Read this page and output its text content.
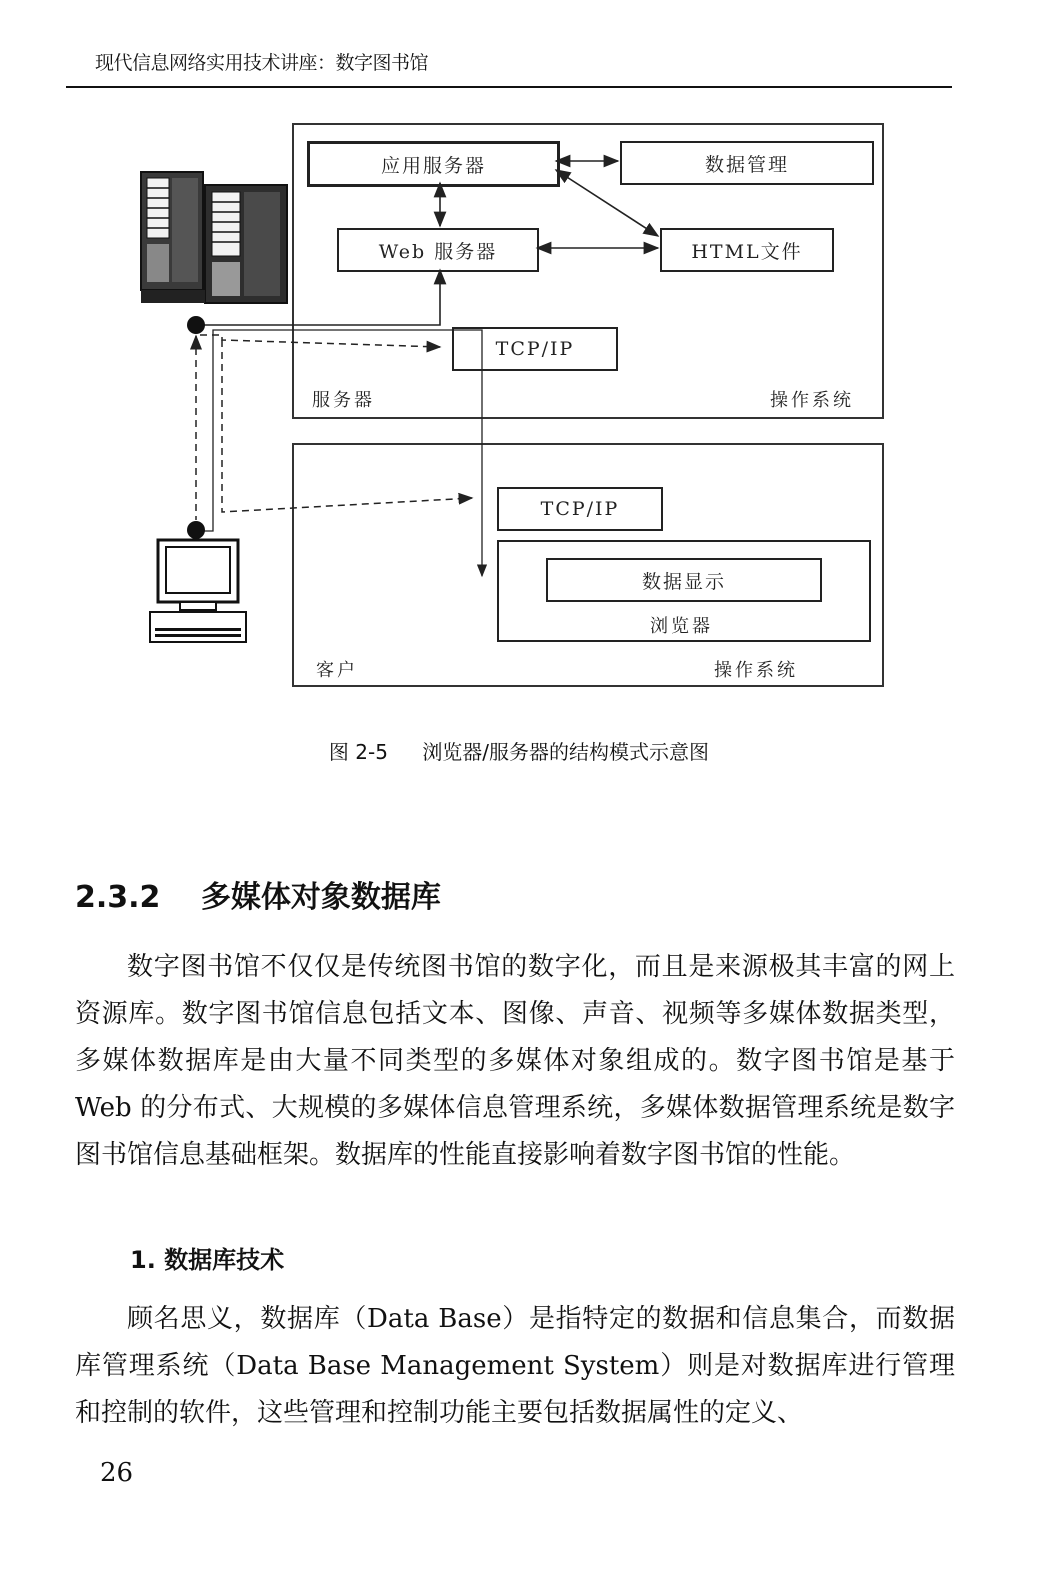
现代信息网络实用技术讲座：数字图书馆
应用服务器	数据管理
Web 服务器	HTML文件
TCP/IP
服务器	操作系统
TCP/IP
数据显示
浏览器
客户	操作系统
图 2-5 浏览器/服务器的结构模式示意图
2.3.2 多媒体对象数据库

数字图书馆不仅仅是传统图书馆的数字化，而且是来源极其丰富的网上资源库。数字图书馆信息包括文本、图像、声音、视频等多媒体数据类型，多媒体数据库是由大量不同类型的多媒体对象组成的。数字图书馆是基于 Web 的分布式、大规模的多媒体信息管理系统，多媒体数据管理系统是数字图书馆信息基础框架。数据库的性能直接影响着数字图书馆的性能。

1. 数据库技术

顾名思义，数据库（Data Base）是指特定的数据和信息集合，而数据库管理系统（Data Base Management System）则是对数据库进行管理和控制的软件，这些管理和控制功能主要包括数据属性的定义、

26
